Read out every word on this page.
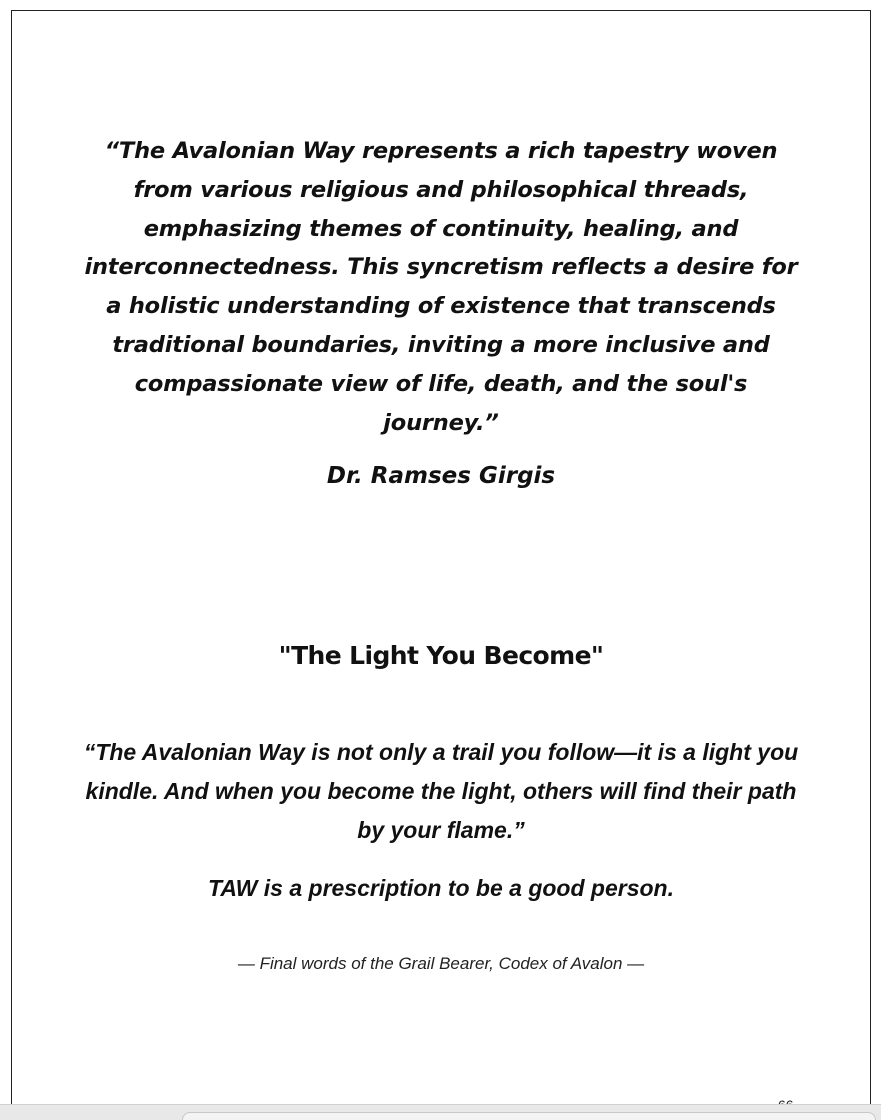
“The Avalonian Way represents a rich tapestry woven from various religious and philosophical threads, emphasizing themes of continuity, healing, and interconnectedness. This syncretism reflects a desire for a holistic understanding of existence that transcends traditional boundaries, inviting a more inclusive and compassionate view of life, death, and the soul's journey.”

Dr. Ramses Girgis

"The Light You Become"

“The Avalonian Way is not only a trail you follow—it is a light you kindle. And when you become the light, others will find their path by your flame.”

TAW is a prescription to be a good person.

— Final words of the Grail Bearer, Codex of Avalon —
